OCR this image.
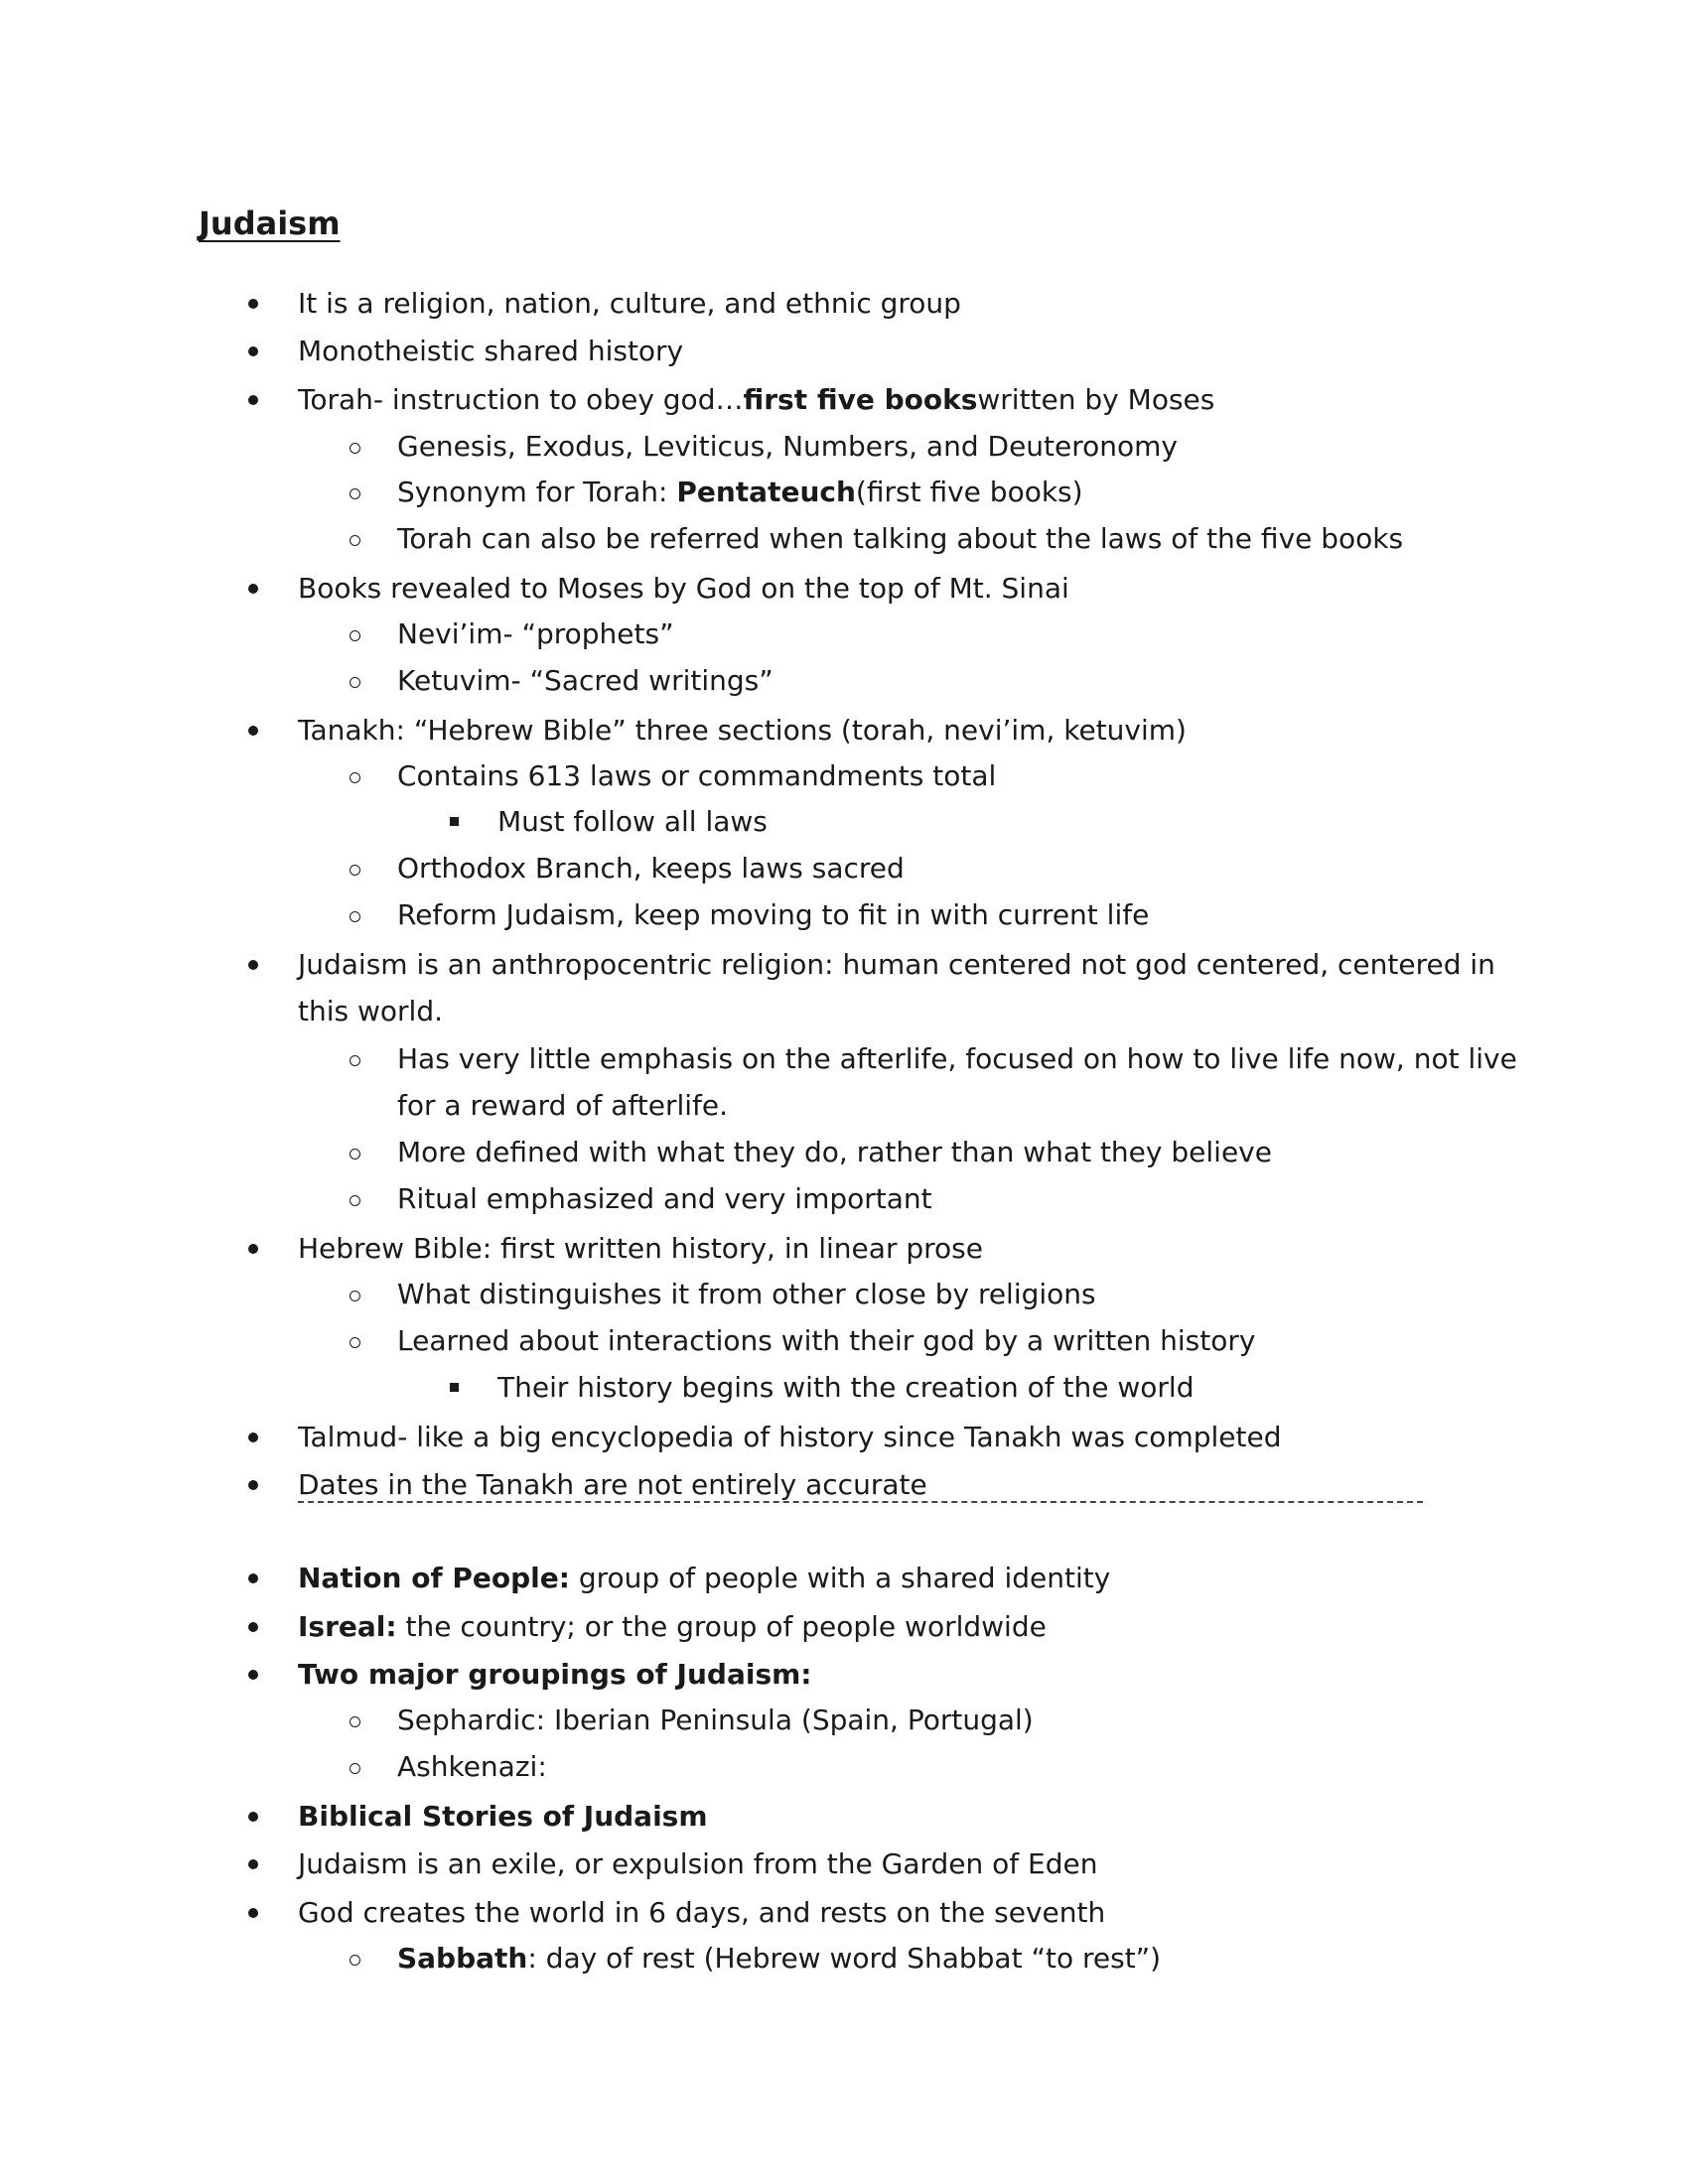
Judaism
It is a religion, nation, culture, and ethnic group
Monotheistic shared history
Torah- instruction to obey god…first five bookswritten by Moses
Genesis, Exodus, Leviticus, Numbers, and Deuteronomy
Synonym for Torah: Pentateuch(first five books)
Torah can also be referred when talking about the laws of the five books
Books revealed to Moses by God on the top of Mt. Sinai
Nevi’im- “prophets”
Ketuvim- “Sacred writings”
Tanakh: “Hebrew Bible” three sections (torah, nevi’im, ketuvim)
Contains 613 laws or commandments total
Must follow all laws
Orthodox Branch, keeps laws sacred
Reform Judaism, keep moving to fit in with current life
Judaism is an anthropocentric religion: human centered not god centered, centered in
this world.
Has very little emphasis on the afterlife, focused on how to live life now, not live
for a reward of afterlife.
More defined with what they do, rather than what they believe
Ritual emphasized and very important
Hebrew Bible: first written history, in linear prose
What distinguishes it from other close by religions
Learned about interactions with their god by a written history
Their history begins with the creation of the world
Talmud- like a big encyclopedia of history since Tanakh was completed
Dates in the Tanakh are not entirely accurate
Nation of People: group of people with a shared identity
Isreal: the country; or the group of people worldwide
Two major groupings of Judaism:
Sephardic: Iberian Peninsula (Spain, Portugal)
Ashkenazi:
Biblical Stories of Judaism
Judaism is an exile, or expulsion from the Garden of Eden
God creates the world in 6 days, and rests on the seventh
Sabbath: day of rest (Hebrew word Shabbat “to rest”)
